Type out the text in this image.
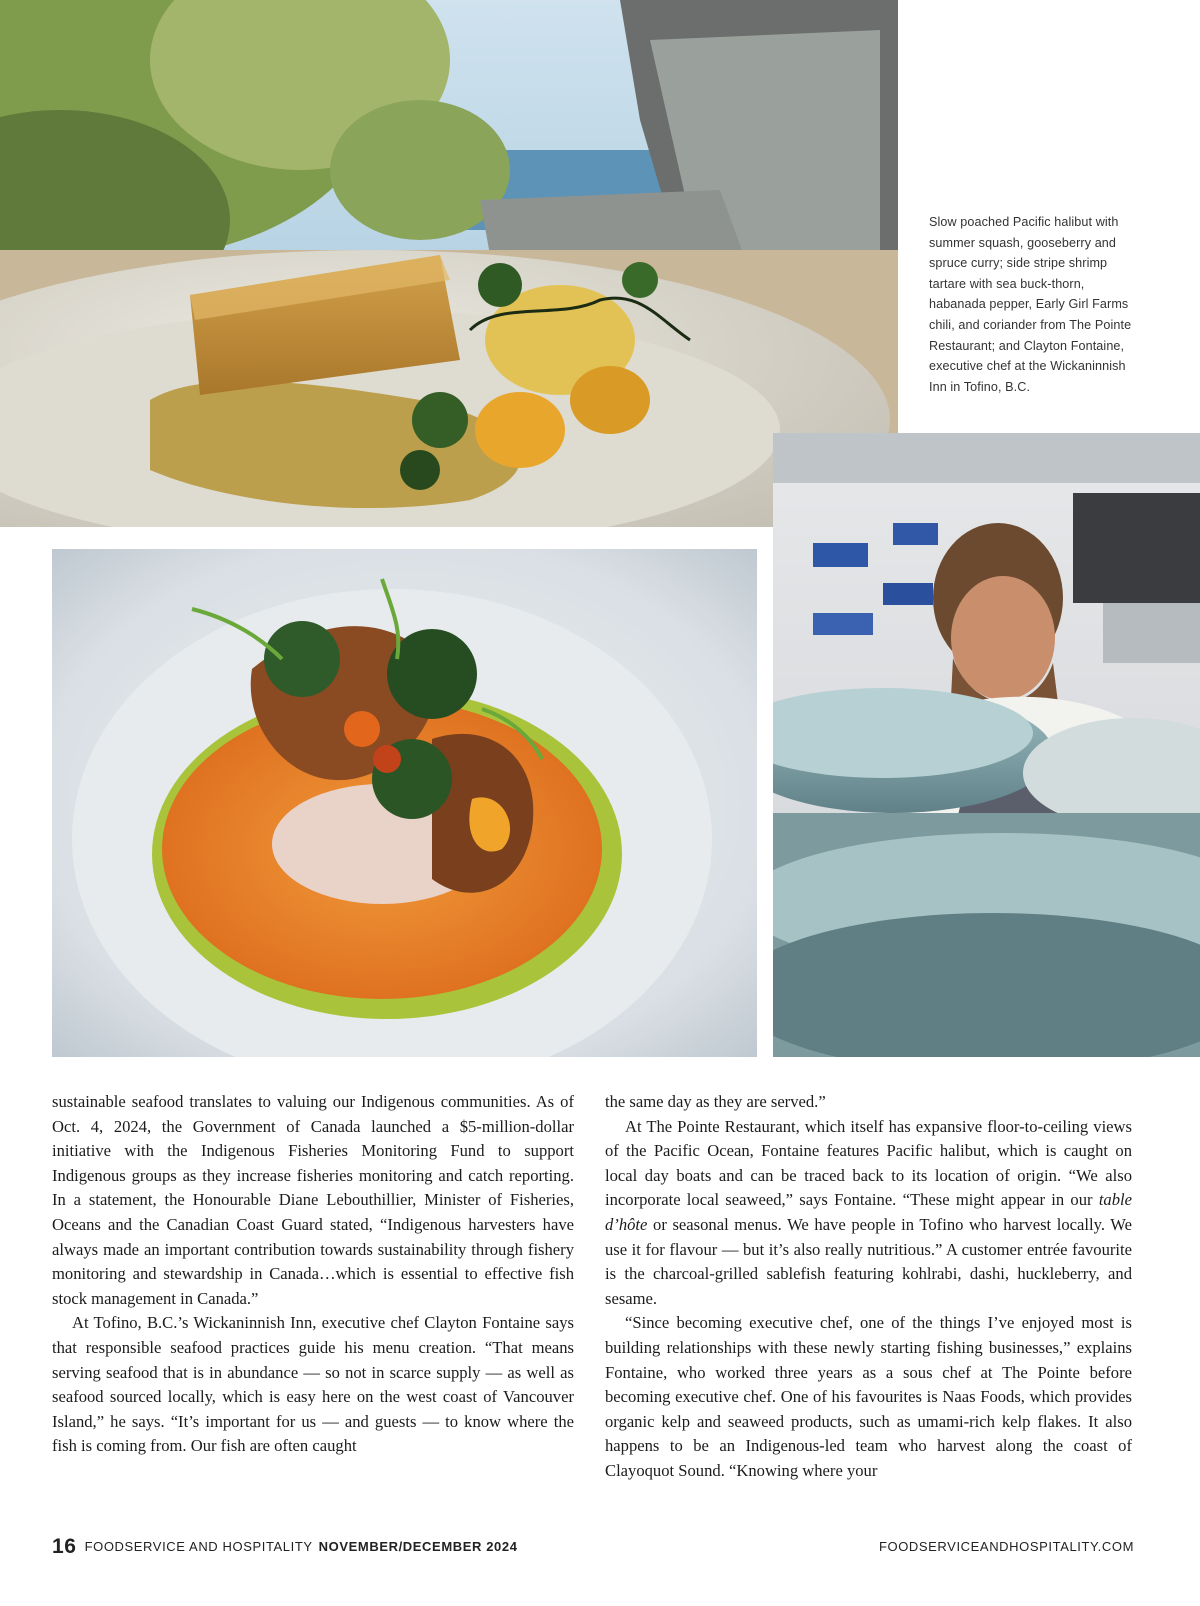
Slow poached Pacific halibut with summer squash, gooseberry and spruce curry; side stripe shrimp tartare with sea buck-thorn, habanada pepper, Early Girl Farms chili, and coriander from The Pointe Restaurant; and Clayton Fontaine, executive chef at the Wickaninnish Inn in Tofino, B.C.

sustainable seafood translates to valuing our Indigenous communities. As of Oct. 4, 2024, the Government of Canada launched a $5-million-dollar initiative with the Indigenous Fisheries Monitoring Fund to support Indigenous groups as they increase fisheries monitoring and catch reporting. In a statement, the Honourable Diane Lebouthillier, Minister of Fisheries, Oceans and the Canadian Coast Guard stated, “Indigenous harvesters have always made an important contribution towards sustainability through fishery monitoring and stewardship in Canada…which is essential to effective fish stock management in Canada.”

At Tofino, B.C.’s Wickaninnish Inn, executive chef Clayton Fontaine says that responsible seafood practices guide his menu creation. “That means serving seafood that is in abundance — so not in scarce supply — as well as seafood sourced locally, which is easy here on the west coast of Vancouver Island,” he says. “It’s important for us — and guests — to know where the fish is coming from. Our fish are often caught

the same day as they are served.”

At The Pointe Restaurant, which itself has expansive floor-to-ceiling views of the Pacific Ocean, Fontaine features Pacific halibut, which is caught on local day boats and can be traced back to its location of origin. “We also incorporate local seaweed,” says Fontaine. “These might appear in our table d’hôte or seasonal menus. We have people in Tofino who harvest locally. We use it for flavour — but it’s also really nutritious.” A customer entrée favourite is the charcoal-grilled sablefish featuring kohlrabi, dashi, huckleberry, and sesame.

“Since becoming executive chef, one of the things I’ve enjoyed most is building relationships with these newly starting fishing businesses,” explains Fontaine, who worked three years as a sous chef at The Pointe before becoming executive chef. One of his favourites is Naas Foods, which provides organic kelp and seaweed products, such as umami-rich kelp flakes. It also happens to be an Indigenous-led team who harvest along the coast of Clayoquot Sound. “Knowing where your

16 FOODSERVICE AND HOSPITALITY NOVEMBER/DECEMBER 2024	FOODSERVICEANDHOSPITALITY.COM
